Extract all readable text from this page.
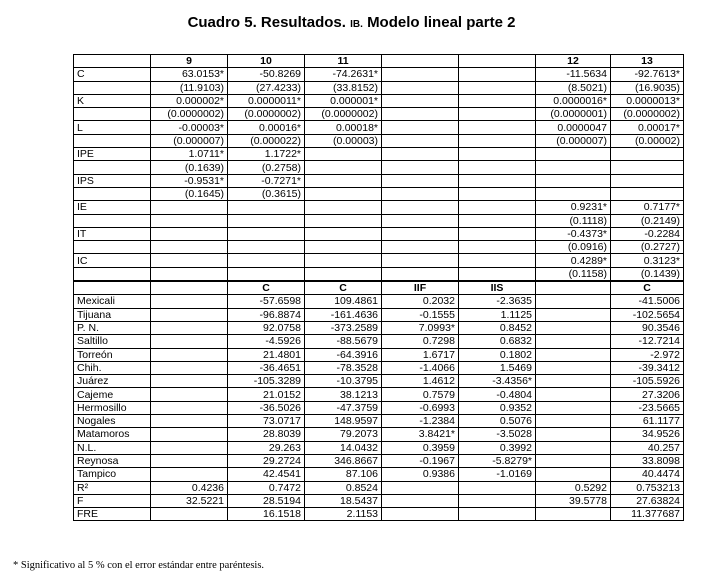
Cuadro 5. Resultados. IB. Modelo lineal parte 2
	9	10	11			12	13
C	63.0153*	-50.8269	-74.2631*			-11.5634	-92.7613*
	(11.9103)	(27.4233)	(33.8152)			(8.5021)	(16.9035)
K	0.000002*	0.0000011*	0.000001*			0.0000016*	0.0000013*
	(0.0000002)	(0.0000002)	(0.0000002)			(0.0000001)	(0.0000002)
L	-0.00003*	0.00016*	0.00018*			0.0000047	0.00017*
	(0.000007)	(0.000022)	(0.00003)			(0.000007)	(0.00002)
IPE	1.0711*	1.1722*					
	(0.1639)	(0.2758)					
IPS	-0.9531*	-0.7271*					
	(0.1645)	(0.3615)					
IE						0.9231*	0.7177*
						(0.1118)	(0.2149)
IT						-0.4373*	-0.2284
						(0.0916)	(0.2727)
IC						0.4289*	0.3123*
						(0.1158)	(0.1439)
		C	C	IIF	IIS		C
Mexicali		-57.6598	109.4861	0.2032	-2.3635		-41.5006
Tijuana		-96.8874	-161.4636	-0.1555	1.1125		-102.5654
P. N.		92.0758	-373.2589	7.0993*	0.8452		90.3546
Saltillo		-4.5926	-88.5679	0.7298	0.6832		-12.7214
Torreón		21.4801	-64.3916	1.6717	0.1802		-2.972
Chih.		-36.4651	-78.3528	-1.4066	1.5469		-39.3412
Juárez		-105.3289	-10.3795	1.4612	-3.4356*		-105.5926
Cajeme		21.0152	38.1213	0.7579	-0.4804		27.3206
Hermosillo		-36.5026	-47.3759	-0.6993	0.9352		-23.5665
Nogales		73.0717	148.9597	-1.2384	0.5076		61.1177
Matamoros		28.8039	79.2073	3.8421*	-3.5028		34.9526
N.L.		29.263	14.0432	0.3959	0.3992		40.257
Reynosa		29.2724	346.8667	-0.1967	-5.8279*		33.8098
Tampico		42.4541	87.106	0.9386	-1.0169		40.4474
R²	0.4236	0.7472	0.8524			0.5292	0.753213
F	32.5221	28.5194	18.5437			39.5778	27.63824
FRE		16.1518	2.1153				11.377687
* Significativo al 5 % con el error estándar entre paréntesis.
